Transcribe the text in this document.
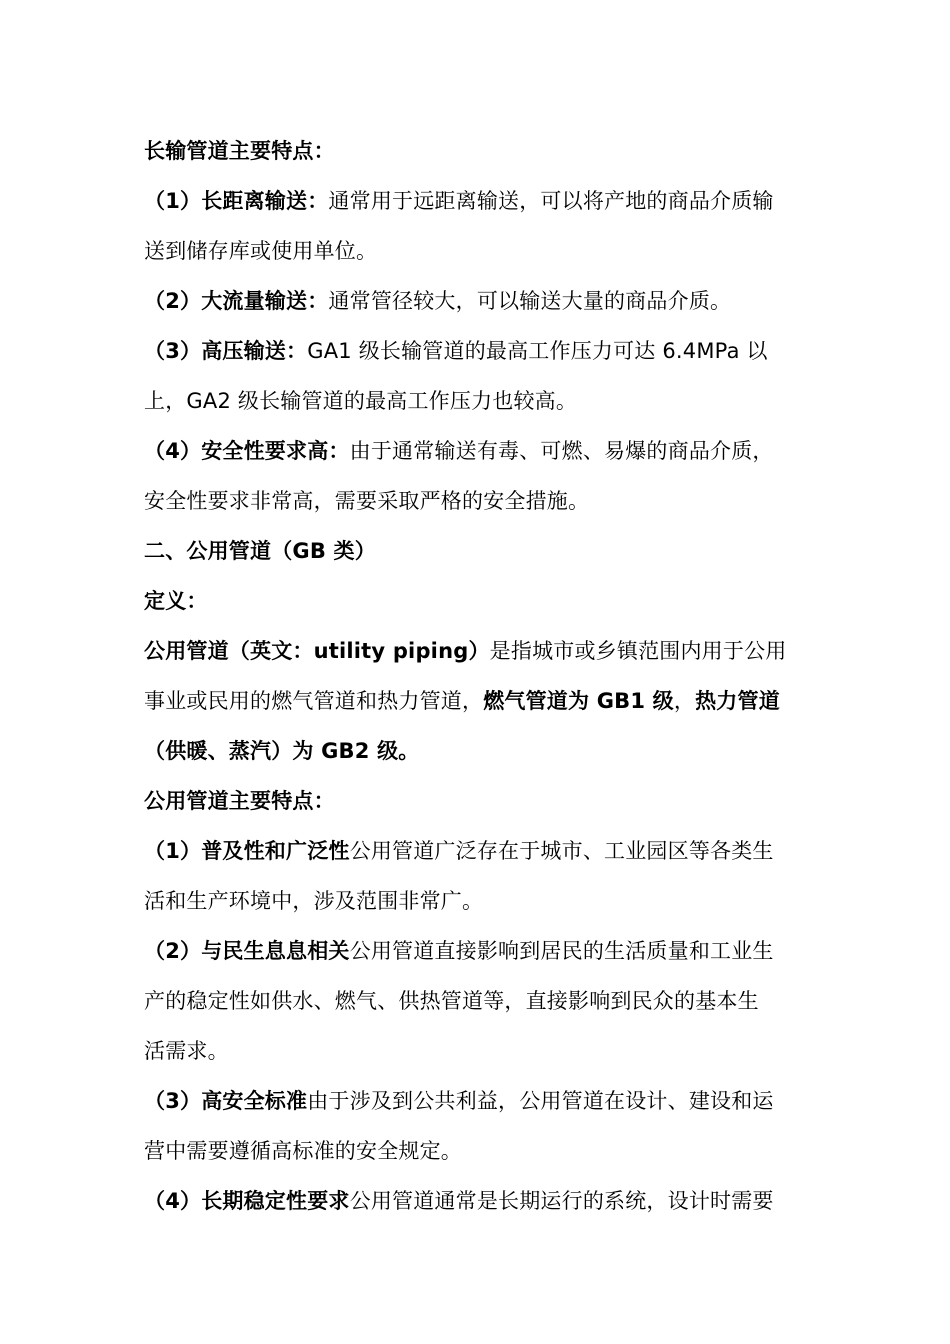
长输管道主要特点：

（1）长距离输送：通常用于远距离输送，可以将产地的商品介质输

送到储存库或使用单位。

（2）大流量输送：通常管径较大，可以输送大量的商品介质。

（3）高压输送：GA1 级长输管道的最高工作压力可达 6.4MPa 以

上，GA2 级长输管道的最高工作压力也较高。

（4）安全性要求高：由于通常输送有毒、可燃、易爆的商品介质，

安全性要求非常高，需要采取严格的安全措施。

二、公用管道（GB 类）

定义：

公用管道（英文：utility piping）是指城市或乡镇范围内用于公用

事业或民用的燃气管道和热力管道，燃气管道为 GB1 级，热力管道

（供暖、蒸汽）为 GB2 级。

公用管道主要特点：

（1）普及性和广泛性公用管道广泛存在于城市、工业园区等各类生

活和生产环境中，涉及范围非常广。

（2）与民生息息相关公用管道直接影响到居民的生活质量和工业生

产的稳定性如供水、燃气、供热管道等，直接影响到民众的基本生

活需求。

（3）高安全标准由于涉及到公共利益，公用管道在设计、建设和运

营中需要遵循高标准的安全规定。

（4）长期稳定性要求公用管道通常是长期运行的系统，设计时需要
